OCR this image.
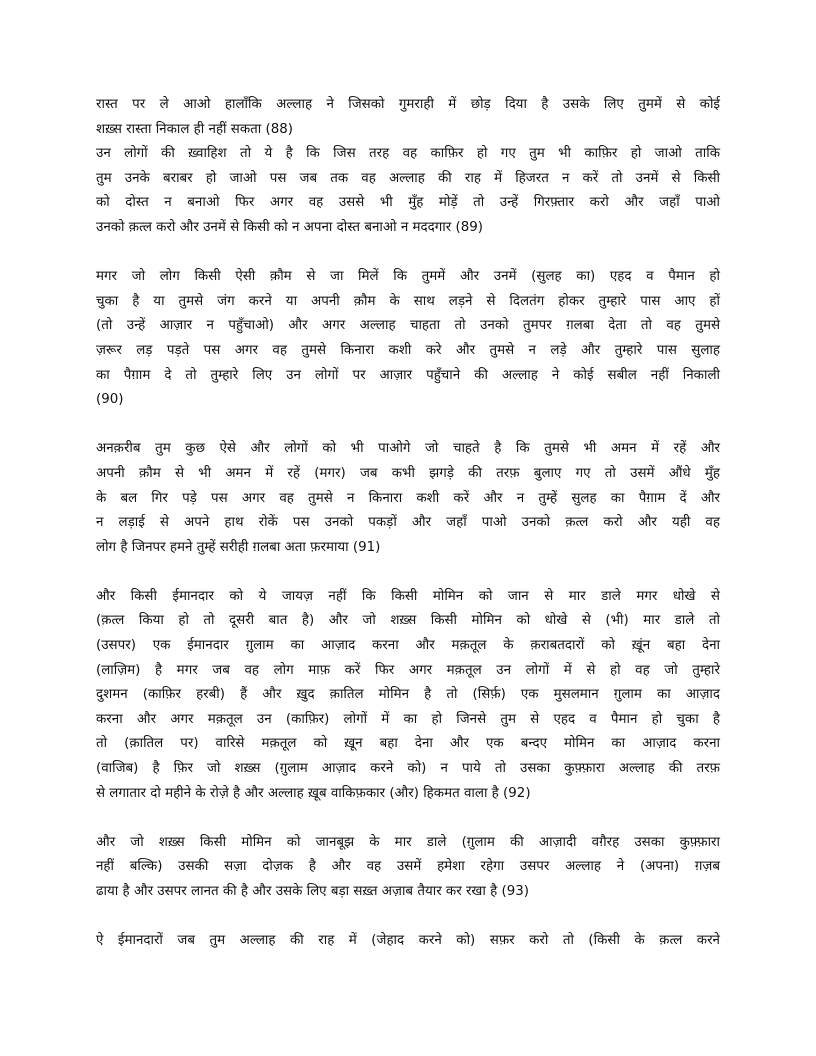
रास्त पर ले आओ हालाँकि अल्लाह ने जिसको गुमराही में छोड़ दिया है उसके लिए तुममें से कोई
शख़्स रास्ता निकाल ही नहीं सकता (88)
उन लोगों की ख़्वाहिश तो ये है कि जिस तरह वह काफ़िर हो गए तुम भी काफ़िर हो जाओ ताकि
तुम उनके बराबर हो जाओ पस जब तक वह अल्लाह की राह में हिजरत न करें तो उनमें से किसी
को दोस्त न बनाओ फिर अगर वह उससे भी मुँह मोड़ें तो उन्हें गिरफ़्तार करो और जहाँ पाओ
उनको क़त्ल करो और उनमें से किसी को न अपना दोस्त बनाओ न मददगार (89)
मगर जो लोग किसी ऐसी क़ौम से जा मिलें कि तुममें और उनमें (सुलह का) एहद व पैमान हो
चुका है या तुमसे जंग करने या अपनी क़ौम के साथ लड़ने से दिलतंग होकर तुम्हारे पास आए हों
(तो उन्हें आज़ार न पहुँचाओ) और अगर अल्लाह चाहता तो उनको तुमपर ग़लबा देता तो वह तुमसे
ज़रूर लड़ पड़ते पस अगर वह तुमसे किनारा कशी करे और तुमसे न लड़े और तुम्हारे पास सुलाह
का पैग़ाम दे तो तुम्हारे लिए उन लोगों पर आज़ार पहुँचाने की अल्लाह ने कोई सबील नहीं निकाली
(90)
अनक़रीब तुम कुछ ऐसे और लोगों को भी पाओगे जो चाहते है कि तुमसे भी अमन में रहें और
अपनी क़ौम से भी अमन में रहें (मगर) जब कभी झगड़े की तरफ़ बुलाए गए तो उसमें औंधे मुँह
के बल गिर पड़े पस अगर वह तुमसे न किनारा कशी करें और न तुम्हें सुलह का पैग़ाम दें और
न लड़ाई से अपने हाथ रोकें पस उनको पकड़ों और जहाँ पाओ उनको क़त्ल करो और यही वह
लोग है जिनपर हमने तुम्हें सरीही ग़लबा अता फ़रमाया (91)
और किसी ईमानदार को ये जायज़ नहीं कि किसी मोमिन को जान से मार डाले मगर धोखे से
(क़त्ल किया हो तो दूसरी बात है) और जो शख़्स किसी मोमिन को धोखे से (भी) मार डाले तो
(उसपर) एक ईमानदार ग़ुलाम का आज़ाद करना और मक़तूल के क़राबतदारों को ख़ूंन बहा देना
(लाज़िम) है मगर जब वह लोग माफ़ करें फिर अगर मक़तूल उन लोगों में से हो वह जो तुम्हारे
दुशमन (काफ़िर हरबी) हैं और ख़ुद क़ातिल मोमिन है तो (सिर्फ़) एक मुसलमान ग़ुलाम का आज़ाद
करना और अगर मक़तूल उन (काफ़िर) लोगों में का हो जिनसे तुम से एहद व पैमान हो चुका है
तो (क़ातिल पर) वारिसे मक़तूल को ख़ून बहा देना और एक बन्दए मोमिन का आज़ाद करना
(वाजिब) है फ़िर जो शख़्स (ग़ुलाम आज़ाद करने को) न पाये तो उसका कुफ़्फ़ारा अल्लाह की तरफ़
से लगातार दो महीने के रोज़े है और अल्लाह ख़ूब वाकिफ़कार (और) हिकमत वाला है (92)
और जो शख़्स किसी मोमिन को जानबूझ के मार डाले (ग़ुलाम की आज़ादी वग़ैरह उसका कुफ़्फ़ारा
नहीं बल्कि) उसकी सज़ा दोज़क है और वह उसमें हमेशा रहेगा उसपर अल्लाह ने (अपना) ग़ज़ब
ढाया है और उसपर लानत की है और उसके लिए बड़ा सख़्त अज़ाब तैयार कर रखा है (93)
ऐ ईमानदारों जब तुम अल्लाह की राह में (जेहाद करने को) सफ़र करो तो (किसी के क़त्ल करने
